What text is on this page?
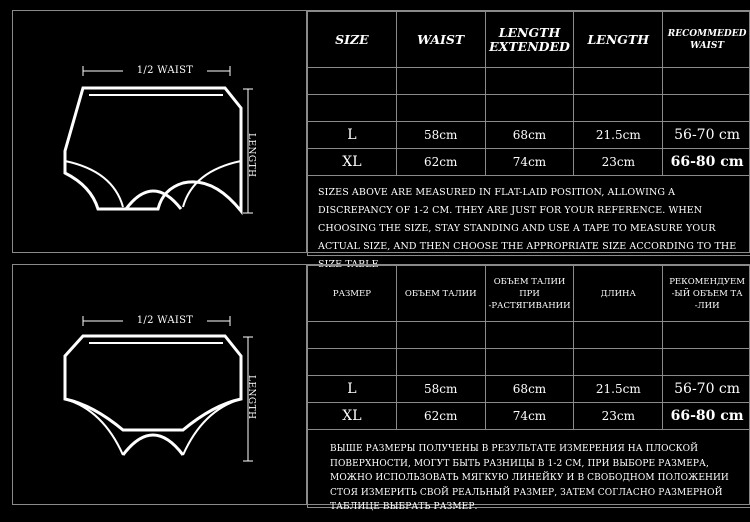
1/2 WAIST
LENGTH
SIZE	WAIST	LENGTH EXTENDED	LENGTH	RECOMMEDED WAIST

L	58cm	68cm	21.5cm	56-70 cm
XL	62cm	74cm	23cm	66-80 cm
SIZES ABOVE ARE MEASURED IN FLAT-LAID POSITION, ALLOWING A DISCREPANCY OF 1-2 CM. THEY ARE JUST FOR YOUR REFERENCE. WHEN CHOOSING THE SIZE, STAY STANDING AND USE A TAPE TO MEASURE YOUR ACTUAL SIZE, AND THEN CHOOSE THE APPROPRIATE SIZE ACCORDING TO THE SIZE TABLE
1/2 WAIST
LENGTH
РАЗМЕР	ОБЪЕМ ТАЛИИ	ОБЪЕМ ТАЛИИ ПРИ -РАСТЯГИВАНИИ	ДЛИНА	РЕКОМЕНДУЕМ -ЫЙ ОБЪЕМ ТА -ЛИИ

L	58cm	68cm	21.5cm	56-70 cm
XL	62cm	74cm	23cm	66-80 cm
ВЫШЕ РАЗМЕРЫ ПОЛУЧЕНЫ В РЕЗУЛЬТАТЕ ИЗМЕРЕНИЯ НА ПЛОСКОЙ ПОВЕРХНОСТИ, МОГУТ БЫТЬ РАЗНИЦЫ В 1-2 СМ, ПРИ ВЫБОРЕ РАЗМЕРА, МОЖНО ИСПОЛЬЗОВАТЬ МЯГКУЮ ЛИНЕЙКУ И В СВОБОДНОМ ПОЛОЖЕНИИ СТОЯ ИЗМЕРИТЬ СВОЙ РЕАЛЬНЫЙ РАЗМЕР, ЗАТЕМ СОГЛАСНО РАЗМЕРНОЙ ТАБЛИЦЕ ВЫБРАТЬ РАЗМЕР.
